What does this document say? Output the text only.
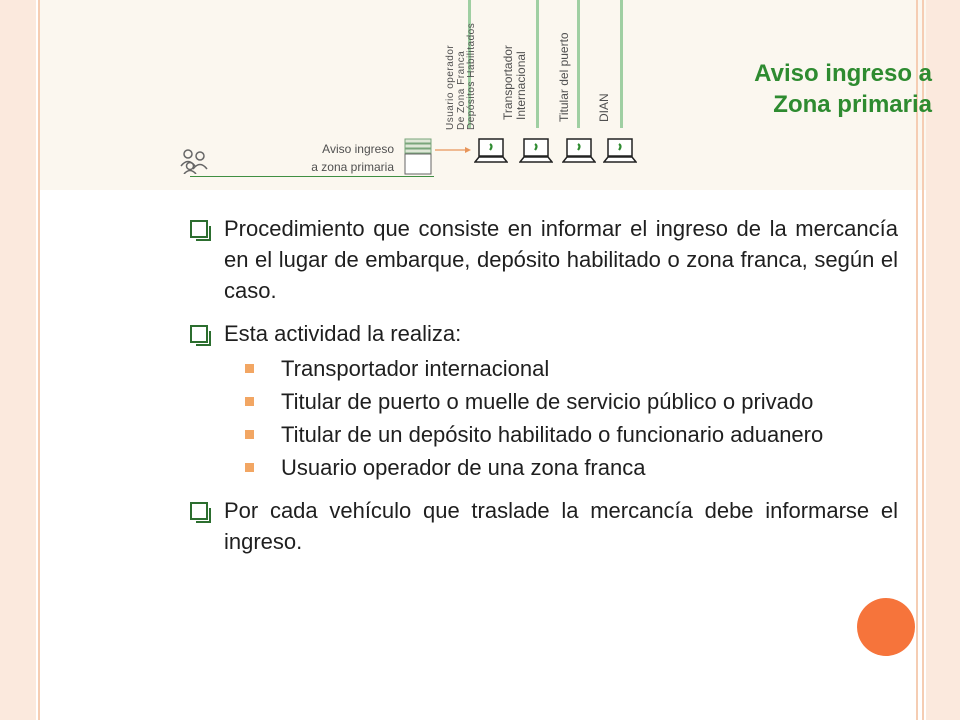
Usuario operador De Zona Franca Depósitos Habilitados Transportador
Internacional Titular del puerto DIAN
Aviso ingreso a
Zona primaria
Aviso ingreso
a zona primaria
Procedimiento que consiste en informar el ingreso de la mercancía en el lugar de embarque, depósito habilitado o zona franca, según el caso.
Esta actividad la realiza:
Transportador internacional
Titular de puerto o muelle de servicio público o privado
Titular de un depósito habilitado o funcionario aduanero
Usuario operador de una zona franca
Por cada vehículo que traslade la mercancía debe informarse el ingreso.
